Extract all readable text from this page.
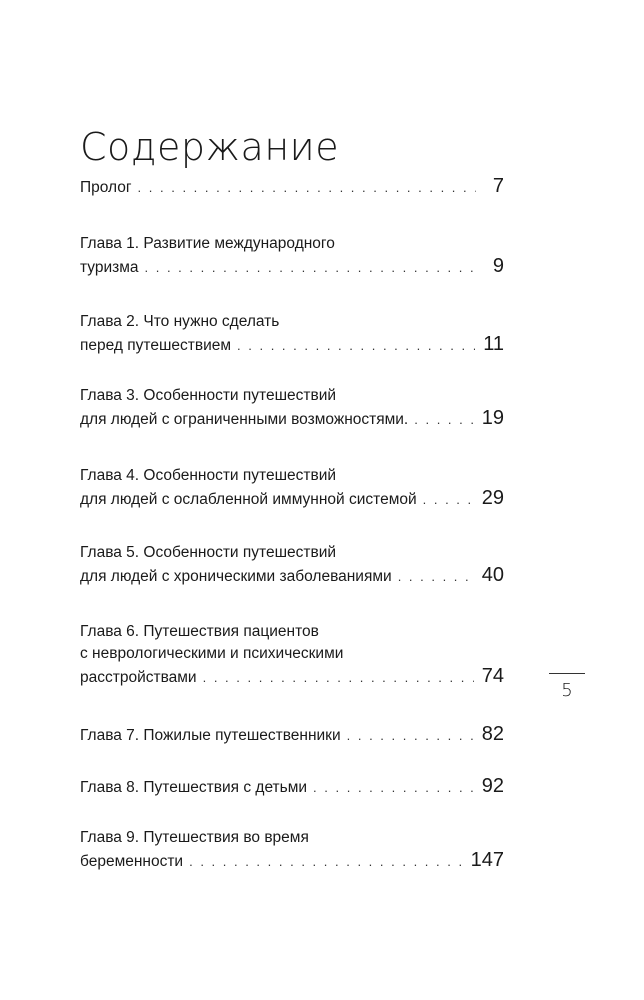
Содержание
Пролог . . .	7
Глава 1. Развитие международного
туризма . . .	9
Глава 2. Что нужно сделать
перед путешествием . . .	11
Глава 3. Особенности путешествий
для людей с ограниченными возможностями. . . .	19
Глава 4. Особенности путешествий
для людей с ослабленной иммунной системой . . .	29
Глава 5. Особенности путешествий
для людей с хроническими заболеваниями . . .	40
Глава 6. Путешествия пациентов
с неврологическими и психическими
расстройствами . . .	74
Глава 7. Пожилые путешественники . . .	82
Глава 8. Путешествия с детьми . . .	92
Глава 9. Путешествия во время
беременности . . .	147
5
